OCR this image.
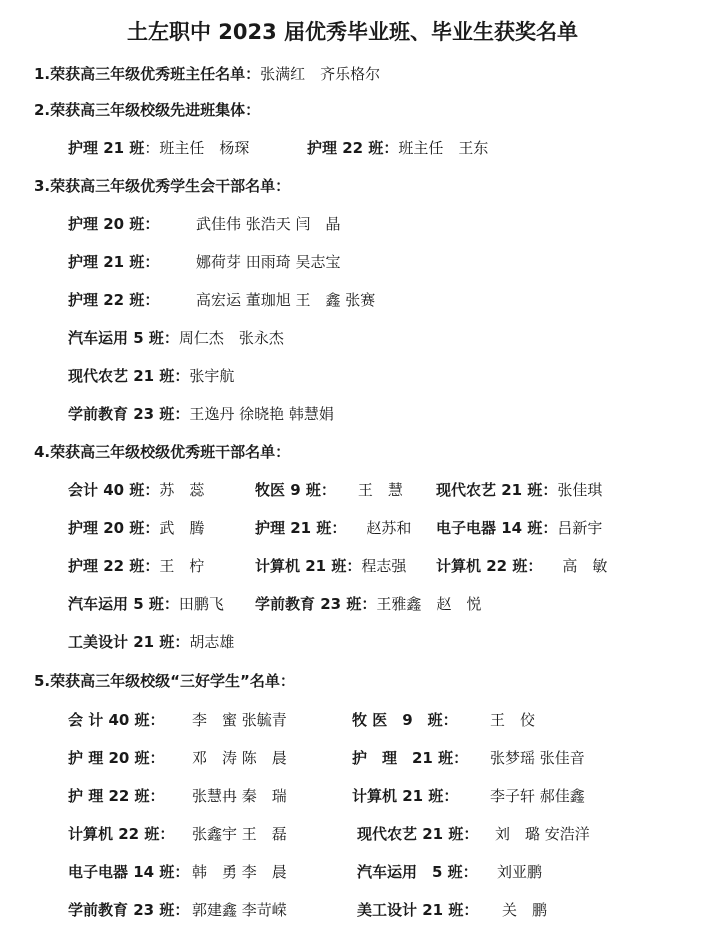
土左职中 2023 届优秀毕业班、毕业生获奖名单
1.荣获高三年级优秀班主任名单：张满红　齐乐格尔
2.荣获高三年级校级先进班集体：
护理 21 班：班主任　杨琛	护理 22 班：班主任　王东
3.荣获高三年级优秀学生会干部名单：
护理 20 班： 武佳伟 张浩天 闫　晶
护理 21 班： 娜荷芽 田雨琦 吴志宝
护理 22 班： 高宏运 董珈旭 王　鑫 张赛
汽车运用 5 班：周仁杰　张永杰
现代农艺 21 班：张宇航
学前教育 23 班：王逸丹 徐晓艳 韩慧娟
4.荣获高三年级校级优秀班干部名单：
会计 40 班：苏　蕊	牧医 9 班： 王　慧 现代农艺 21 班：张佳琪
护理 20 班：武　腾	护理 21 班： 赵苏和 电子电器 14 班：吕新宇
护理 22 班：王　柠	计算机 21 班：程志强 计算机 22 班： 高　敏
汽车运用 5 班：田鹏飞 学前教育 23 班：王雅鑫　赵　悦
工美设计 21 班：胡志雄
5.荣获高三年级校级“三好学生”名单：
会 计 40 班： 李　蜜 张毓青	牧 医　9　班： 王　佼
护 理 20 班： 邓　涛 陈　晨	护　理　21 班： 张梦瑶 张佳音
护 理 22 班： 张慧冉 秦　瑞	计算机 21 班： 李子轩 郝佳鑫
计算机 22 班： 张鑫宇 王　磊	现代农艺 21 班： 刘　璐 安浩洋
电子电器 14 班： 韩　勇 李　晨	汽车运用　5 班： 刘亚鹏
学前教育 23 班： 郭建鑫 李苛嵘	美工设计 21 班： 关　鹏
